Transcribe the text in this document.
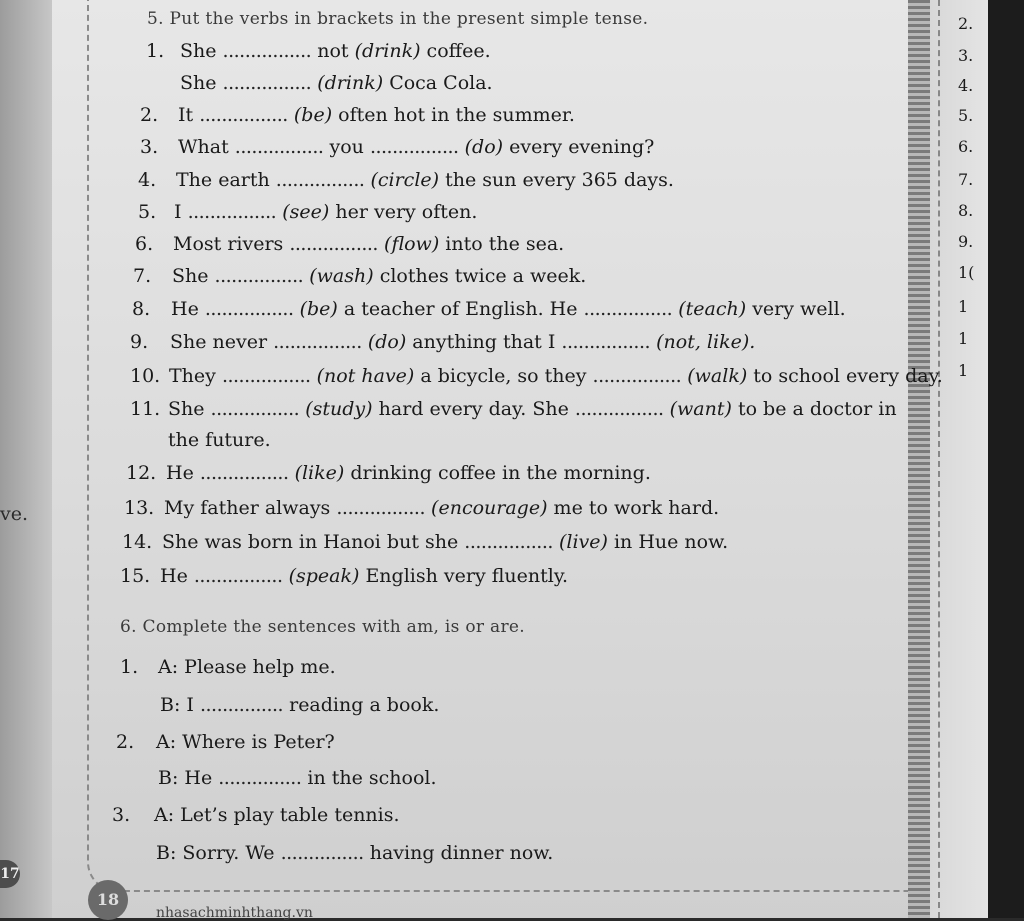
ve.
17
2.
3.
4.
5.
6.
7.
8.
9.
1(
1
1
1
5. Put the verbs in brackets in the present simple tense.
1. She ................ not (drink) coffee.
She ................ (drink) Coca Cola.
2. It ................ (be) often hot in the summer.
3. What ................ you ................ (do) every evening?
4. The earth ................ (circle) the sun every 365 days.
5. I ................ (see) her very often.
6. Most rivers ................ (flow) into the sea.
7. She ................ (wash) clothes twice a week.
8. He ................ (be) a teacher of English. He ................ (teach) very well.
9. She never ................ (do) anything that I ................ (not, like).
10. They ................ (not have) a bicycle, so they ................ (walk) to school every day.
11. She ................ (study) hard every day. She ................ (want) to be a doctor in
the future.
12. He ................ (like) drinking coffee in the morning.
13. My father always ................ (encourage) me to work hard.
14. She was born in Hanoi but she ................ (live) in Hue now.
15. He ................ (speak) English very fluently.
6. Complete the sentences with am, is or are.
1. A: Please help me.
B: I ............... reading a book.
2. A: Where is Peter?
B: He ............... in the school.
3. A: Let’s play table tennis.
B: Sorry. We ............... having dinner now.
18
nhasachminhthang.vn
